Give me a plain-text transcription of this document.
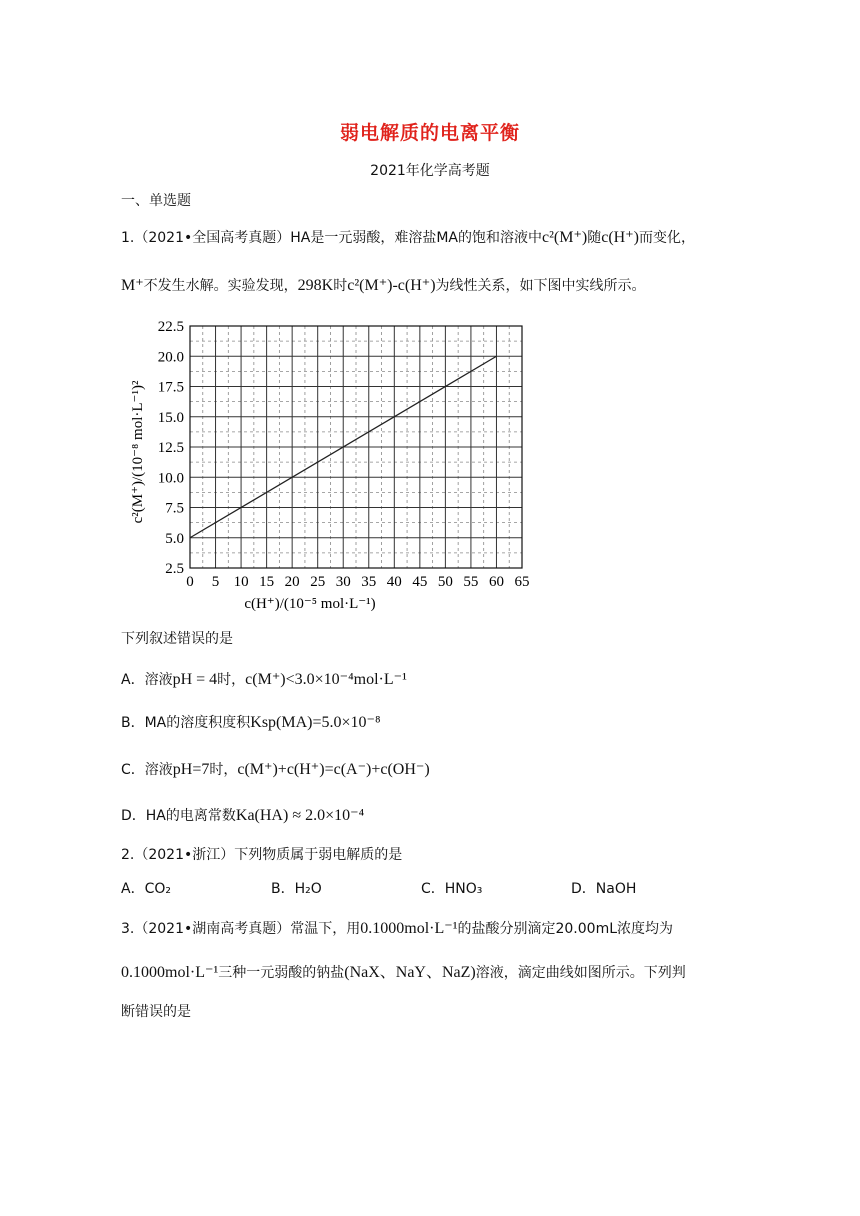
弱电解质的电离平衡
2021年化学高考题
一、单选题
1.（2021•全国高考真题）HA是一元弱酸，难溶盐MA的饱和溶液中c²(M⁺)随c(H⁺)而变化，
M⁺不发生水解。实验发现，298K时c²(M⁺)-c(H⁺)为线性关系，如下图中实线所示。
0 5 10 15 20 25 30 35 40 45 50 55 60 65
2.5
5.0
7.5
10.0
12.5
15.0
17.5
20.0
22.5
c(H⁺)/(10⁻⁵ mol·L⁻¹)
c²(M⁺)/(10⁻⁸ mol·L⁻¹)²
下列叙述错误的是
A．溶液pH = 4时，c(M⁺)<3.0×10⁻⁴mol·L⁻¹
B．MA的溶度积度积Ksp(MA)=5.0×10⁻⁸
C．溶液pH=7时，c(M⁺)+c(H⁺)=c(A⁻)+c(OH⁻)
D．HA的电离常数Ka(HA) ≈ 2.0×10⁻⁴
2.（2021•浙江）下列物质属于弱电解质的是
A．CO₂	B．H₂O	C．HNO₃	D．NaOH
3.（2021•湖南高考真题）常温下，用0.1000mol·L⁻¹的盐酸分别滴定20.00mL浓度均为
0.1000mol·L⁻¹三种一元弱酸的钠盐(NaX、NaY、NaZ)溶液，滴定曲线如图所示。下列判
断错误的是
